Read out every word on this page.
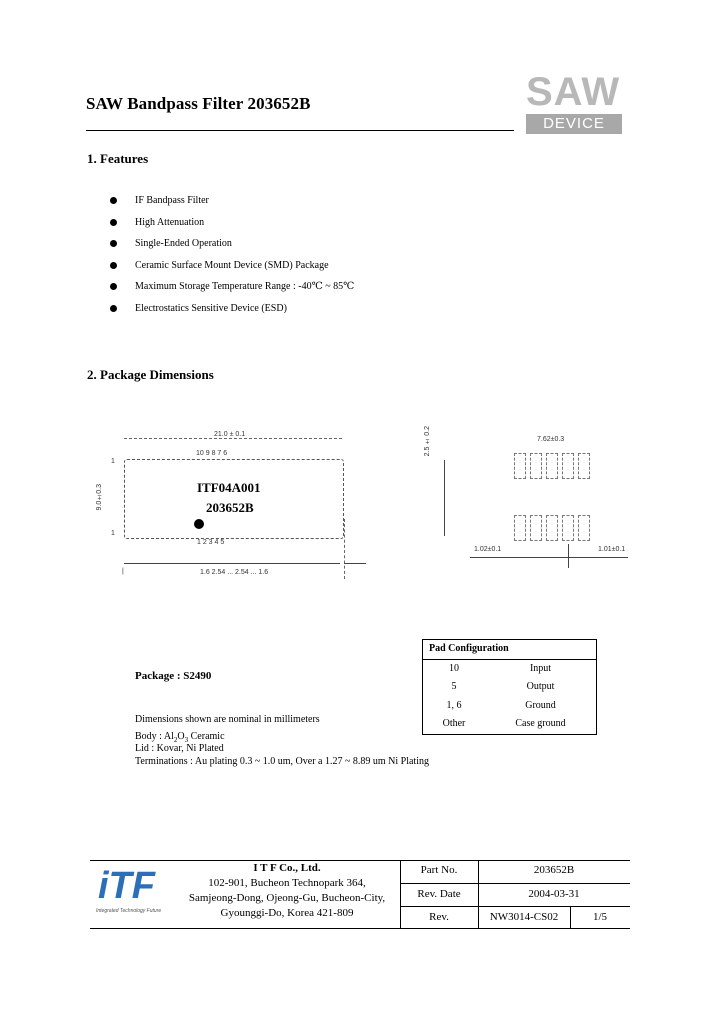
SAW Bandpass Filter 203652B	SAW
DEVICE
1. Features
IF Bandpass Filter
High Attenuation
Single-Ended Operation
Ceramic Surface Mount Device (SMD) Package
Maximum Storage Temperature Range : -40℃ ~ 85℃
Electrostatics Sensitive Device (ESD)
2. Package Dimensions
21.0 ± 0.1
10 9 8 7 6
1
9.0±0.3	ITF04A001
203652B
1 2 3 4 5
1
|	1.6 2.54 ... 2.54 ... 1.6
2.5 ± 0.2	7.62±0.3
1.02±0.1	1.01±0.1
Pad Configuration	
10	Input
5	Output
1, 6	Ground
Other	Case ground
Package : S2490
Dimensions shown are nominal in millimeters
Body : $Al_2O_3$ Ceramic
Lid : Kovar, Ni Plated
Terminations : Au plating 0.3 ~ 1.0 um, Over a 1.27 ~ 8.89 um Ni Plating
iTF
Integrated Technology Future
I T F Co., Ltd.
102-901, Bucheon Technopark 364,
Samjeong-Dong, Ojeong-Gu, Bucheon-City,
Gyounggi-Do, Korea 421-809
Part No.	203652B
Rev. Date	2004-03-31
Rev.	NW3014-CS02	1/5
